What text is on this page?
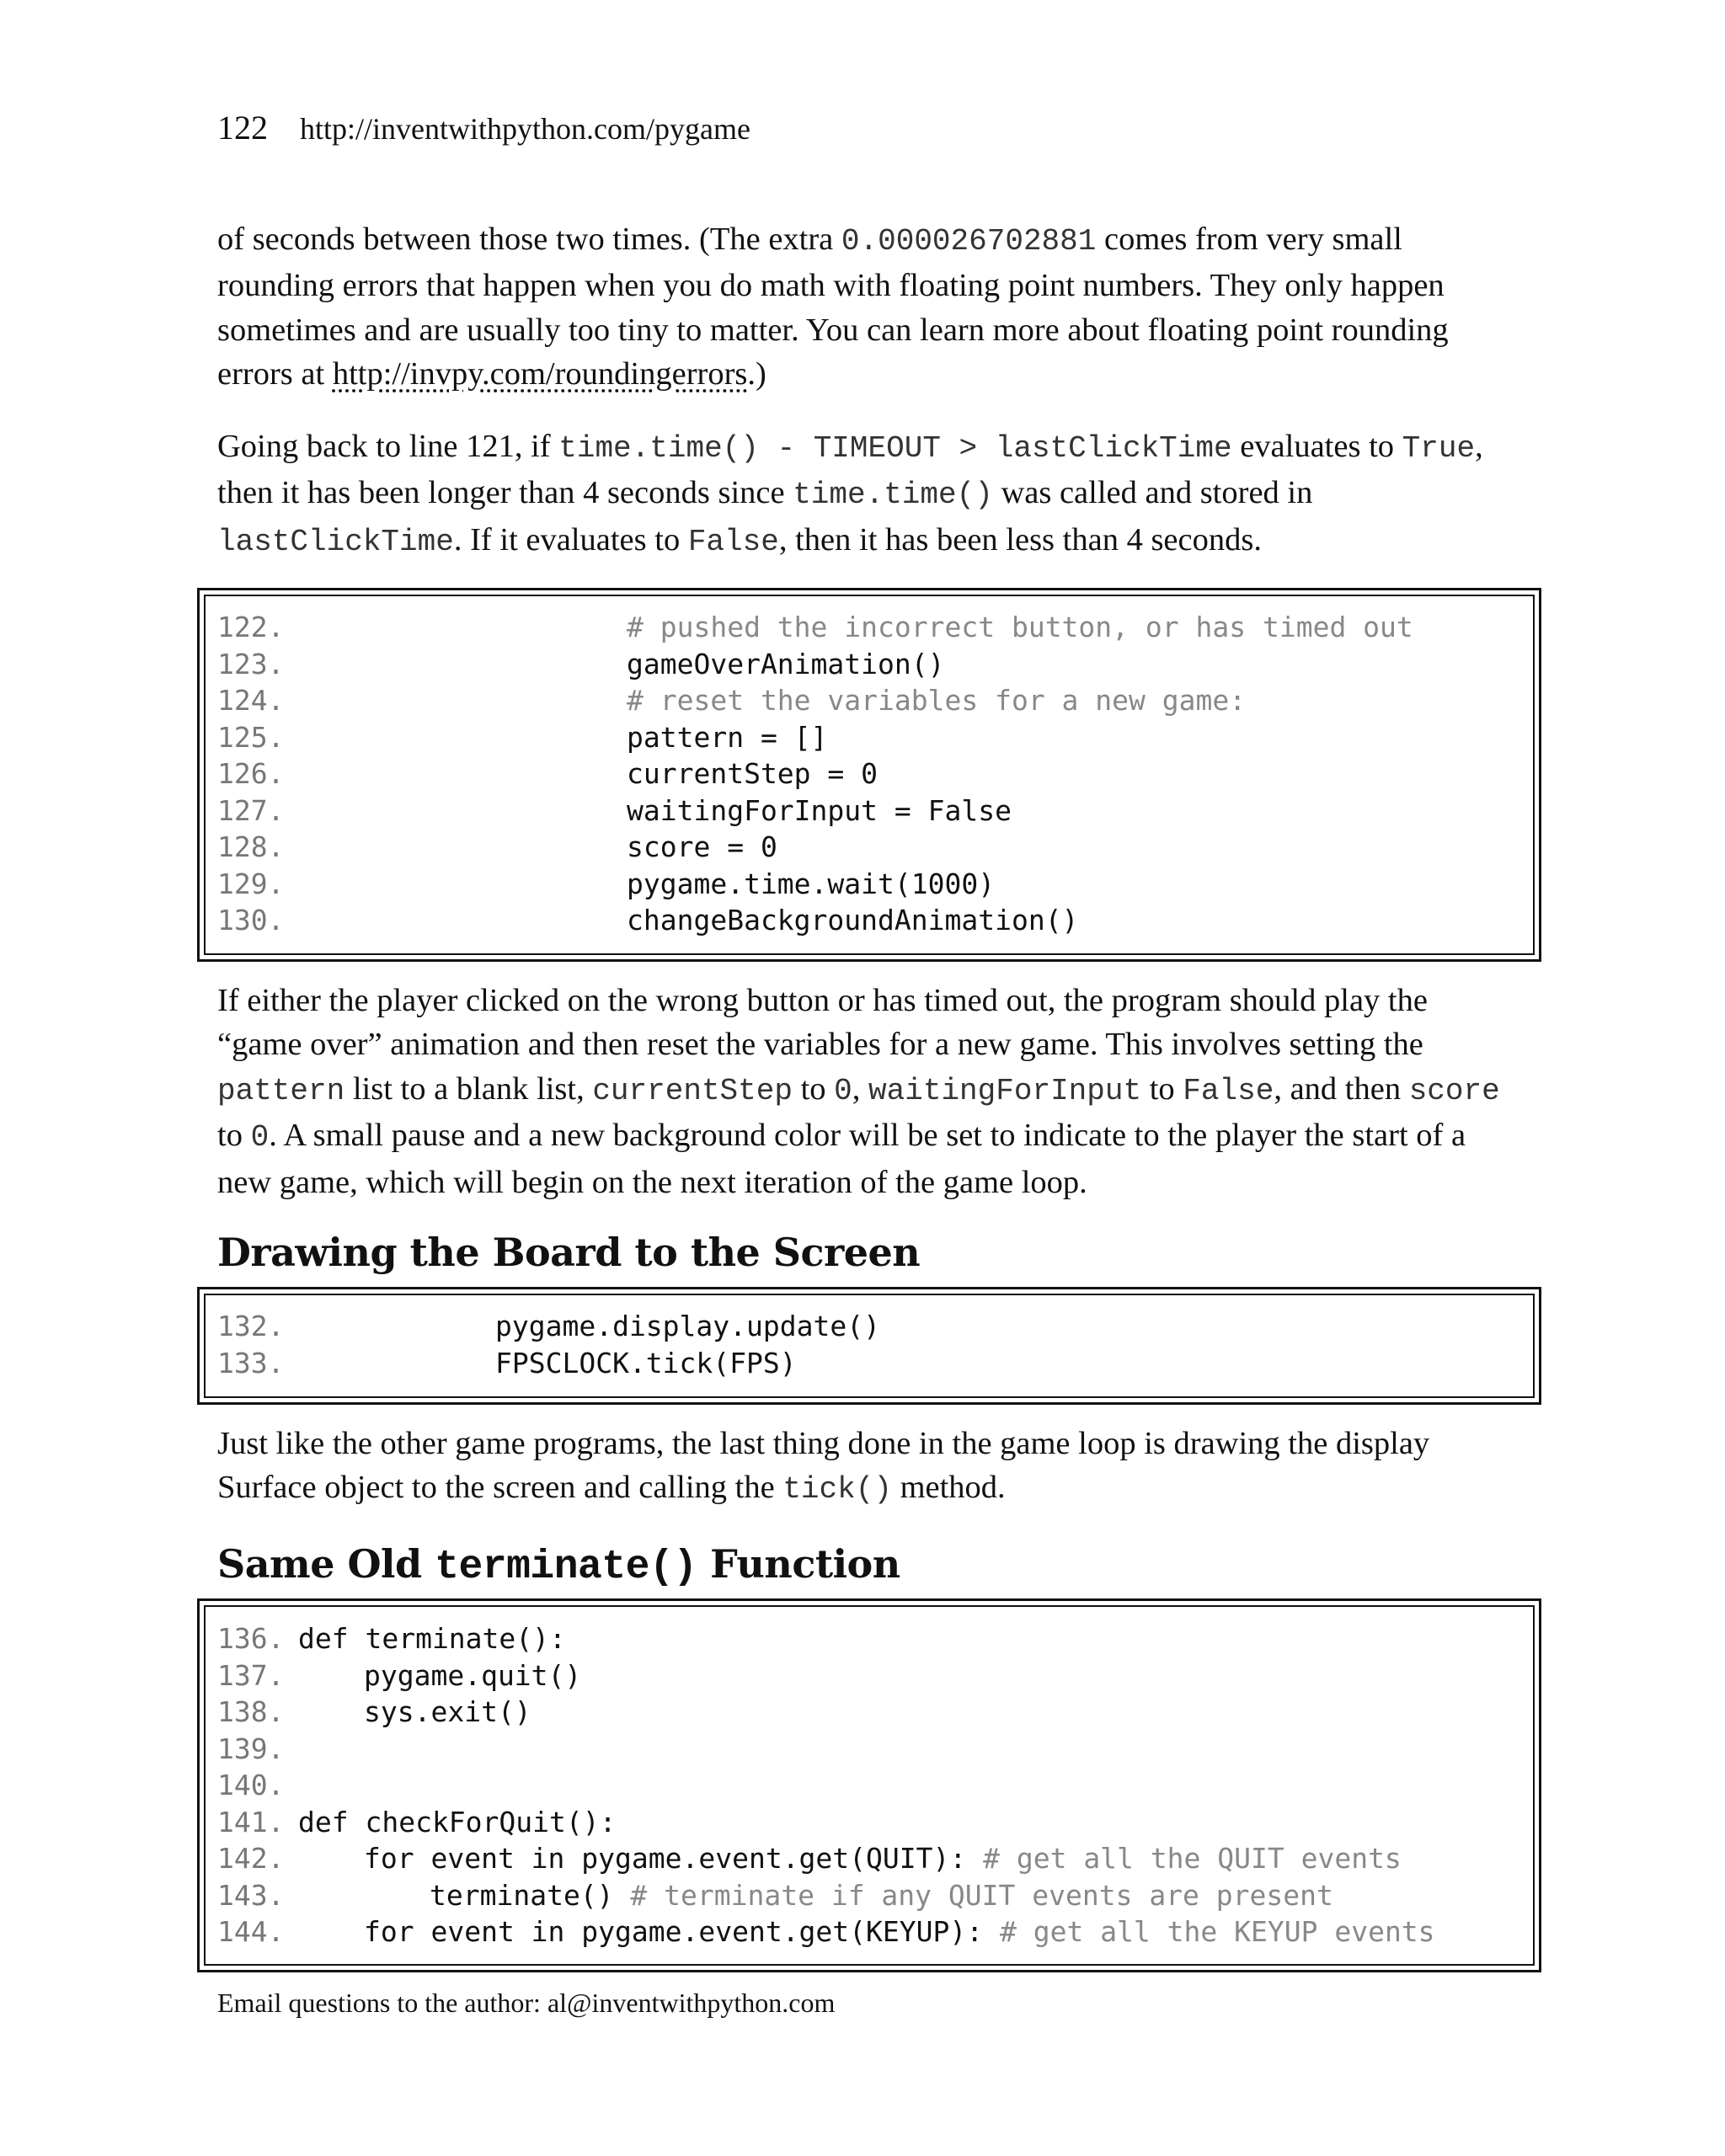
122 http://inventwithpython.com/pygame

of seconds between those two times. (The extra 0.000026702881 comes from very small rounding errors that happen when you do math with floating point numbers. They only happen sometimes and are usually too tiny to matter. You can learn more about floating point rounding errors at http://invpy.com/roundingerrors.)

Going back to line 121, if time.time() - TIMEOUT > lastClickTime evaluates to True, then it has been longer than 4 seconds since time.time() was called and stored in lastClickTime. If it evaluates to False, then it has been less than 4 seconds.

122.	# pushed the incorrect button, or has timed out
123.	gameOverAnimation()
124.	# reset the variables for a new game:
125.	pattern = []
126.	currentStep = 0
127.	waitingForInput = False
128.	score = 0
129.	pygame.time.wait(1000)
130.	changeBackgroundAnimation()

If either the player clicked on the wrong button or has timed out, the program should play the “game over” animation and then reset the variables for a new game. This involves setting the pattern list to a blank list, currentStep to 0, waitingForInput to False, and then score to 0. A small pause and a new background color will be set to indicate to the player the start of a new game, which will begin on the next iteration of the game loop.

Drawing the Board to the Screen
132.	pygame.display.update()
133.	FPSCLOCK.tick(FPS)

Just like the other game programs, the last thing done in the game loop is drawing the display Surface object to the screen and calling the tick() method.

Same Old terminate() Function
136. def terminate():
137.	pygame.quit()
138.	sys.exit()
139.
140.
141. def checkForQuit():
142.	for event in pygame.event.get(QUIT): # get all the QUIT events
143.	terminate() # terminate if any QUIT events are present
144.	for event in pygame.event.get(KEYUP): # get all the KEYUP events
Email questions to the author: al@inventwithpython.com
